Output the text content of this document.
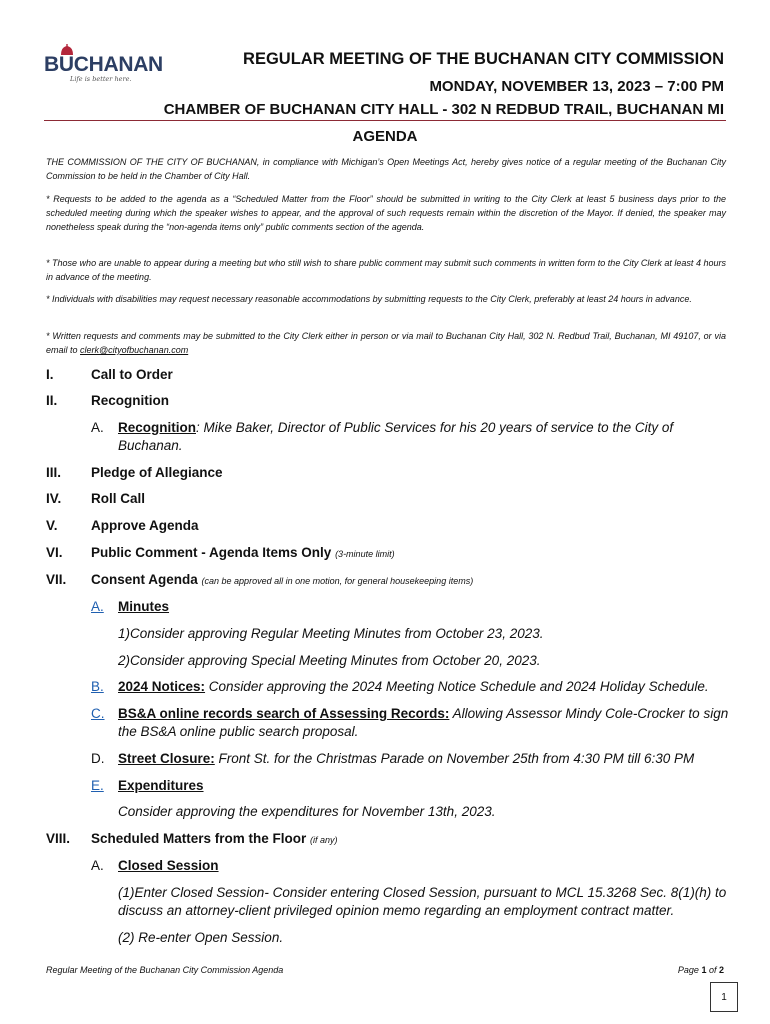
BUCHANAN
Life is better here.
REGULAR MEETING OF THE BUCHANAN CITY COMMISSION
MONDAY, NOVEMBER 13, 2023 – 7:00 PM
CHAMBER OF BUCHANAN CITY HALL - 302 N REDBUD TRAIL, BUCHANAN MI
AGENDA
THE COMMISSION OF THE CITY OF BUCHANAN, in compliance with Michigan’s Open Meetings Act, hereby gives notice of a regular meeting of the Buchanan City Commission to be held in the Chamber of City Hall.
* Requests to be added to the agenda as a “Scheduled Matter from the Floor” should be submitted in writing to the City Clerk at least 5 business days prior to the scheduled meeting during which the speaker wishes to appear, and the approval of such requests remain within the discretion of the Mayor. If denied, the speaker may nonetheless speak during the “non-agenda items only” public comments section of the agenda.
* Those who are unable to appear during a meeting but who still wish to share public comment may submit such comments in written form to the City Clerk at least 4 hours in advance of the meeting.
* Individuals with disabilities may request necessary reasonable accommodations by submitting requests to the City Clerk, preferably at least 24 hours in advance.
* Written requests and comments may be submitted to the City Clerk either in person or via mail to Buchanan City Hall, 302 N. Redbud Trail, Buchanan, MI 49107, or via email to clerk@cityofbuchanan.com
I.	Call to Order
II. Recognition
A. Recognition: Mike Baker, Director of Public Services for his 20 years of service to the City of
Buchanan.
III. Pledge of Allegiance
IV. Roll Call
V. Approve Agenda
VI. Public Comment - Agenda Items Only (3-minute limit)
VII. Consent Agenda (can be approved all in one motion, for general housekeeping items)
A. Minutes
1)Consider approving Regular Meeting Minutes from October 23, 2023.
2)Consider approving Special Meeting Minutes from October 20, 2023.
B. 2024 Notices: Consider approving the 2024 Meeting Notice Schedule and 2024 Holiday Schedule.
C. BS&A online records search of Assessing Records: Allowing Assessor Mindy Cole-Crocker to sign
the BS&A online public search proposal.
D. Street Closure: Front St. for the Christmas Parade on November 25th from 4:30 PM till 6:30 PM
E. Expenditures
Consider approving the expenditures for November 13th, 2023.
VIII. Scheduled Matters from the Floor (if any)
A. Closed Session
(1)Enter Closed Session- Consider entering Closed Session, pursuant to MCL 15.3268 Sec. 8(1)(h) to discuss an attorney-client privileged opinion memo regarding an employment contract matter.
(2) Re-enter Open Session.
Regular Meeting of the Buchanan City Commission Agenda	Page 1 of 2
1
